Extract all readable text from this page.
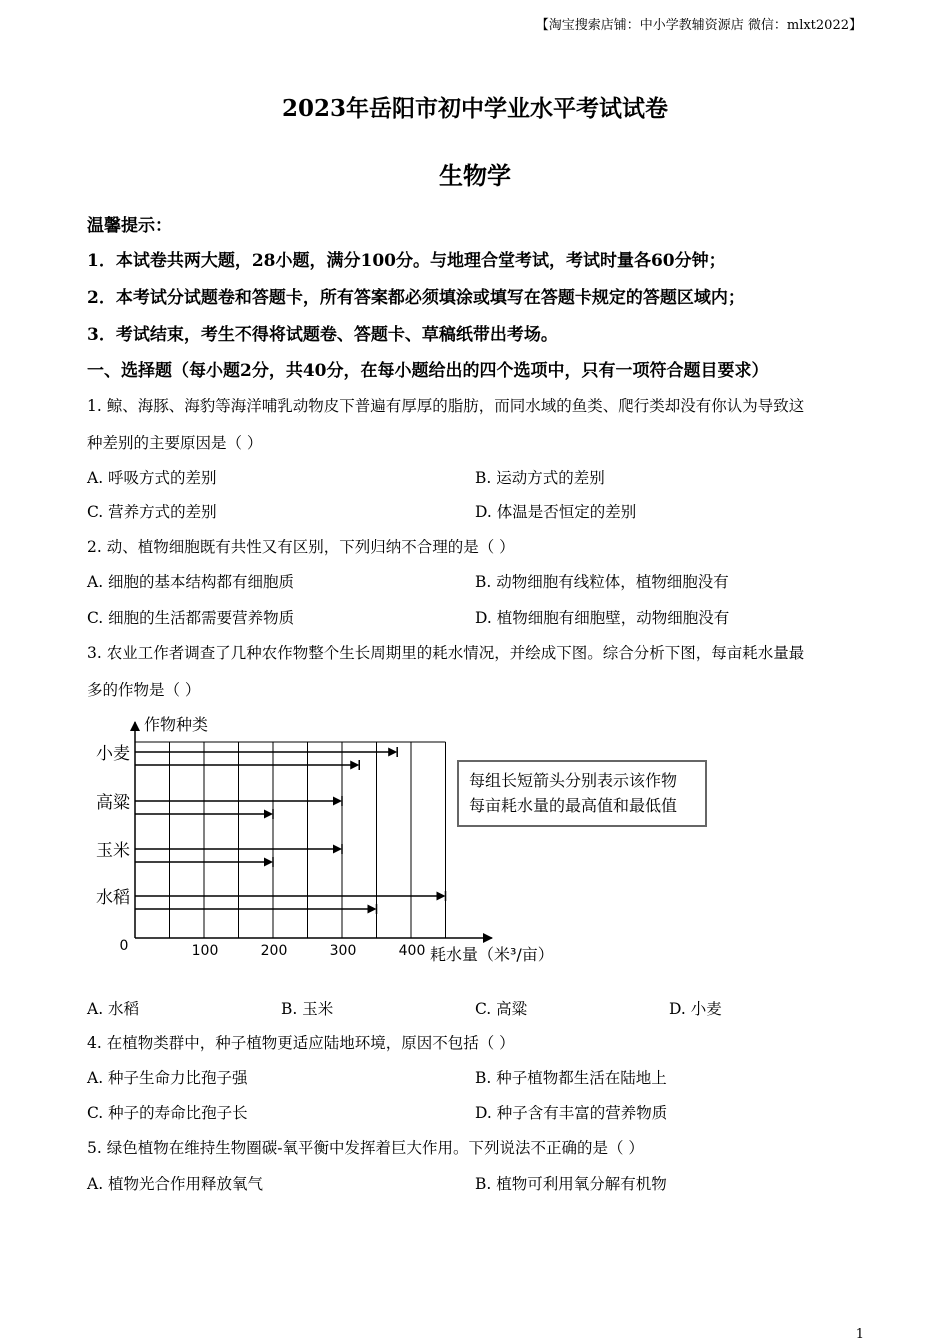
【淘宝搜索店铺：中小学教辅资源店 微信：mlxt2022】
2023年岳阳市初中学业水平考试试卷
生物学
温馨提示：
1．本试卷共两大题，28小题，满分100分。与地理合堂考试，考试时量各60分钟；
2．本考试分试题卷和答题卡，所有答案都必须填涂或填写在答题卡规定的答题区域内；
3．考试结束，考生不得将试题卷、答题卡、草稿纸带出考场。
一、选择题（每小题2分，共40分，在每小题给出的四个选项中，只有一项符合题目要求）
1. 鲸、海豚、海豹等海洋哺乳动物皮下普遍有厚厚的脂肪，而同水域的鱼类、爬行类却没有你认为导致这
种差别的主要原因是（ ）
A. 呼吸方式的差别	B. 运动方式的差别
C. 营养方式的差别	D. 体温是否恒定的差别
2. 动、植物细胞既有共性又有区别，下列归纳不合理的是（ ）
A. 细胞的基本结构都有细胞质	B. 动物细胞有线粒体，植物细胞没有
C. 细胞的生活都需要营养物质	D. 植物细胞有细胞壁，动物细胞没有
3. 农业工作者调查了几种农作物整个生长周期里的耗水情况，并绘成下图。综合分析下图，每亩耗水量最
多的作物是（ ）
作物种类
0	耗水量（米³/亩）
100	200	300	400
小麦
高粱
玉米
水稻
每组长短箭头分别表示该作物
每亩耗水量的最高值和最低值
A. 水稻	B. 玉米	C. 高粱	D. 小麦
4. 在植物类群中，种子植物更适应陆地环境，原因不包括（ ）
A. 种子生命力比孢子强	B. 种子植物都生活在陆地上
C. 种子的寿命比孢子长	D. 种子含有丰富的营养物质
5. 绿色植物在维持生物圈碳-氧平衡中发挥着巨大作用。下列说法不正确的是（ ）
A. 植物光合作用释放氧气	B. 植物可利用氧分解有机物
1
